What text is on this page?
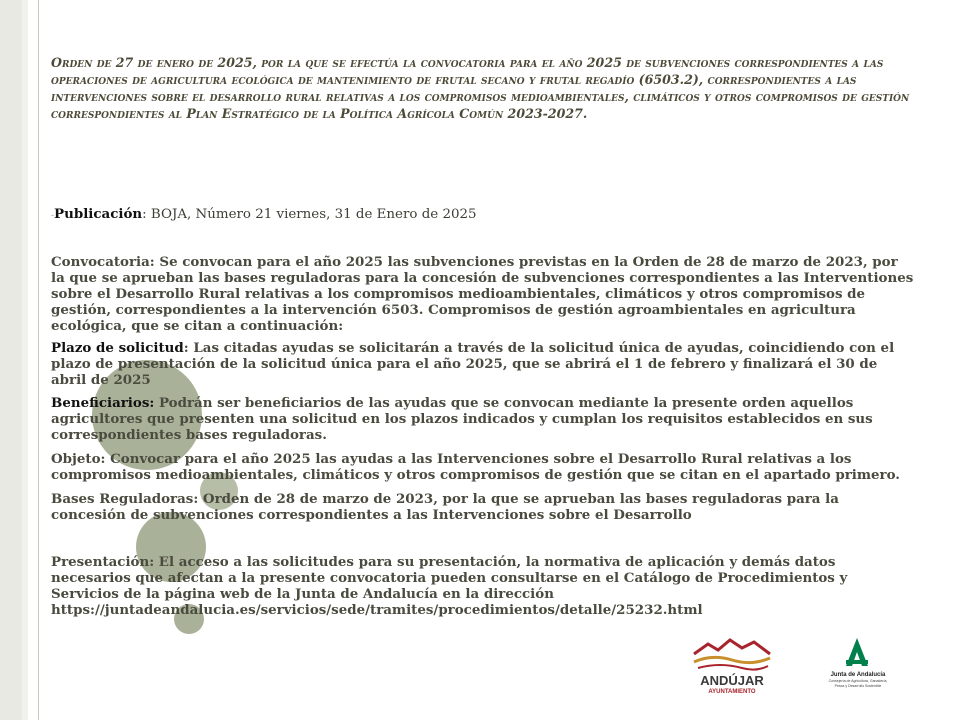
Orden de 27 de enero de 2025, por la que se efectúa la convocatoria para el año 2025 de subvenciones correspondientes a las operaciones de agricultura ecológica de mantenimiento de frutal secano y frutal regadío (6503.2), correspondientes a las intervenciones sobre el desarrollo rural relativas a los compromisos medioambientales, climáticos y otros compromisos de gestión correspondientes al Plan Estratégico de la Política Agrícola Común 2023-2027.
-Publicación: BOJA, Número 21 viernes, 31 de Enero de 2025

Convocatoria: Se convocan para el año 2025 las subvenciones previstas en la Orden de 28 de marzo de 2023, por la que se aprueban las bases reguladoras para la concesión de subvenciones correspondientes a las Interventiones sobre el Desarrollo Rural relativas a los compromisos medioambientales, climáticos y otros compromisos de gestión, correspondientes a la intervención 6503. Compromisos de gestión agroambientales en agricultura ecológica, que se citan a continuación:

Plazo de solicitud: Las citadas ayudas se solicitarán a través de la solicitud única de ayudas, coincidiendo con el plazo de presentación de la solicitud única para el año 2025, que se abrirá el 1 de febrero y finalizará el 30 de abril de 2025

Beneficiarios: Podrán ser beneficiarios de las ayudas que se convocan mediante la presente orden aquellos agricultores que presenten una solicitud en los plazos indicados y cumplan los requisitos establecidos en sus correspondientes bases reguladoras.

Objeto: Convocar para el año 2025 las ayudas a las Intervenciones sobre el Desarrollo Rural relativas a los compromisos medioambientales, climáticos y otros compromisos de gestión que se citan en el apartado primero.

Bases Reguladoras: Orden de 28 de marzo de 2023, por la que se aprueban las bases reguladoras para la concesión de subvenciones correspondientes a las Intervenciones sobre el Desarrollo

Presentación: El acceso a las solicitudes para su presentación, la normativa de aplicación y demás datos necesarios que afectan a la presente convocatoria pueden consultarse en el Catálogo de Procedimientos y Servicios de la página web de la Junta de Andalucía en la dirección
https://juntadeandalucia.es/servicios/sede/tramites/procedimientos/detalle/25232.html

ANDÚJAR
AYUNTAMIENTO
Junta de Andalucía
Consejería de Agricultura, Ganadería,
Pesca y Desarrollo Sostenible
